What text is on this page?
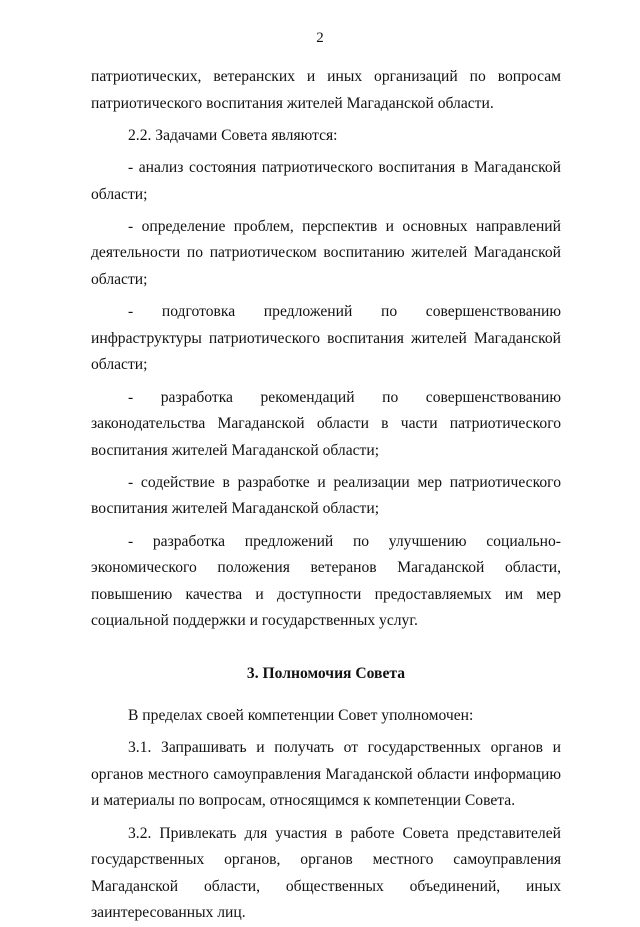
2

патриотических, ветеранских и иных организаций по вопросам патриотического воспитания жителей Магаданской области.

2.2. Задачами Совета являются:

- анализ состояния патриотического воспитания в Магаданской области;

- определение проблем, перспектив и основных направлений деятельности по патриотическом воспитанию жителей Магаданской области;

- подготовка предложений по совершенствованию инфраструктуры патриотического воспитания жителей Магаданской области;

- разработка рекомендаций по совершенствованию законодательства Магаданской области в части патриотического воспитания жителей Магаданской области;

- содействие в разработке и реализации мер патриотического воспитания жителей Магаданской области;

- разработка предложений по улучшению социально-

экономического положения ветеранов Магаданской области, повышению качества и доступности предоставляемых им мер социальной поддержки и государственных услуг.

3. Полномочия Совета

В пределах своей компетенции Совет уполномочен:

3.1. Запрашивать и получать от государственных органов и органов местного самоуправления Магаданской области информацию и материалы по вопросам, относящимся к компетенции Совета.

3.2. Привлекать для участия в работе Совета представителей государственных органов, органов местного самоуправления Магаданской области, общественных объединений, иных заинтересованных лиц.
